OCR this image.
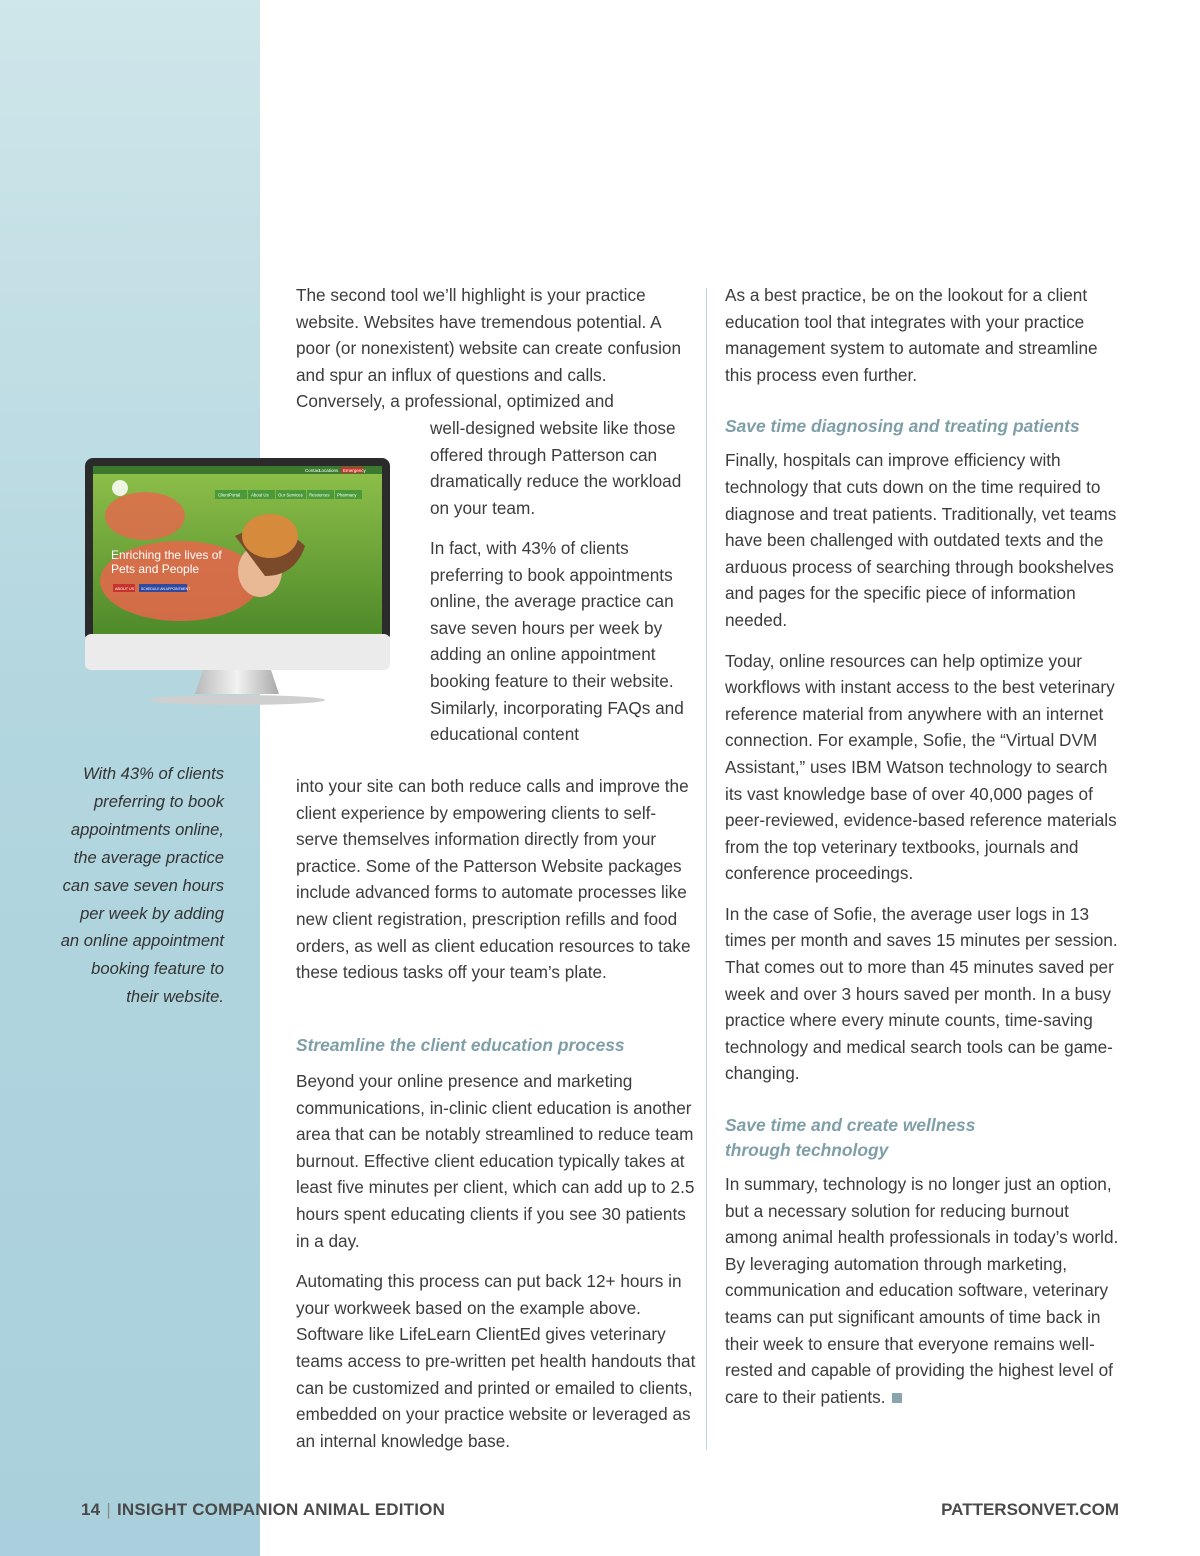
Contact
Locations Emergency
ClientPortal	About Us Our Services Resources Pharmacy
Enriching the lives of
Pets and People
ABOUT US SCHEDULE AN APPOINTMENT

The second tool we’ll highlight is your practice website. Websites have tremendous potential. A poor (or nonexistent) website can create confusion and spur an influx of questions and calls. Conversely, a professional, optimized and

well-designed website like those offered through Patterson can dramatically reduce the workload on your team.

In fact, with 43% of clients preferring to book appointments online, the average practice can save seven hours per week by adding an online appointment booking feature to their website. Similarly, incorporating FAQs and educational content

into your site can both reduce calls and improve the client experience by empowering clients to self-serve themselves information directly from your practice. Some of the Patterson Website packages include advanced forms to automate processes like new client registration, prescription refills and food orders, as well as client education resources to take these tedious tasks off your team’s plate.

Streamline the client education process

Beyond your online presence and marketing communications, in-clinic client education is another area that can be notably streamlined to reduce team burnout. Effective client education typically takes at least five minutes per client, which can add up to 2.5 hours spent educating clients if you see 30 patients in a day.

Automating this process can put back 12+ hours in your workweek based on the example above. Software like LifeLearn ClientEd gives veterinary teams access to pre-written pet health handouts that can be customized and printed or emailed to clients, embedded on your practice website or leveraged as an internal knowledge base.

As a best practice, be on the lookout for a client education tool that integrates with your practice management system to automate and streamline this process even further.

Save time diagnosing and treating patients

Finally, hospitals can improve efficiency with technology that cuts down on the time required to diagnose and treat patients. Traditionally, vet teams have been challenged with outdated texts and the arduous process of searching through bookshelves and pages for the specific piece of information needed.

Today, online resources can help optimize your workflows with instant access to the best veterinary reference material from anywhere with an internet connection. For example, Sofie, the “Virtual DVM Assistant,” uses IBM Watson technology to search its vast knowledge base of over 40,000 pages of peer-reviewed, evidence-based reference materials from the top veterinary textbooks, journals and conference proceedings.

In the case of Sofie, the average user logs in 13 times per month and saves 15 minutes per session. That comes out to more than 45 minutes saved per week and over 3 hours saved per month. In a busy practice where every minute counts, time-saving technology and medical search tools can be game-changing.

Save time and create wellness through technology

In summary, technology is no longer just an option, but a necessary solution for reducing burnout among animal health professionals in today’s world. By leveraging automation through marketing, communication and education software, veterinary teams can put significant amounts of time back in their week to ensure that everyone remains well-rested and capable of providing the highest level of care to their patients.

With 43% of clients preferring to book appointments online, the average practice can save seven hours per week by adding an online appointment booking feature to their website.

14 | INSIGHT COMPANION ANIMAL EDITION	PATTERSONVET.COM
